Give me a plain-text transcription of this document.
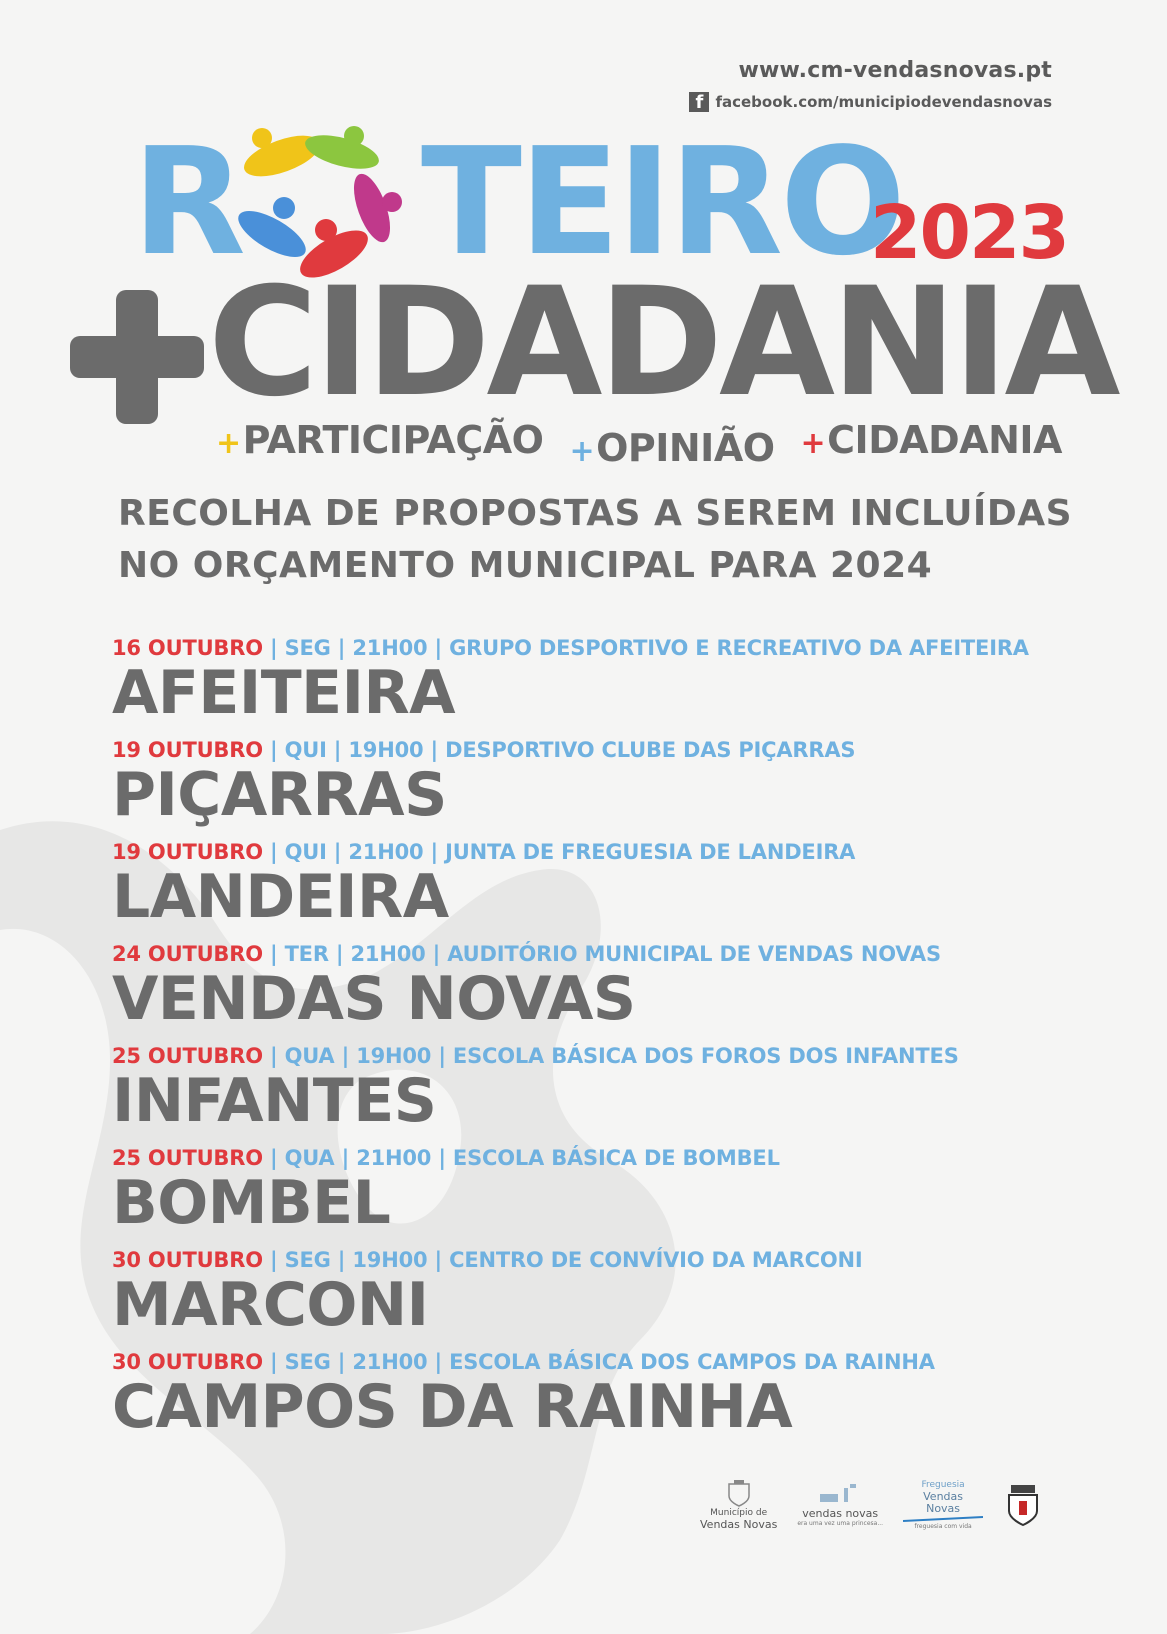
www.cm-vendasnovas.pt
f facebook.com/municipiodevendasnovas
R TEIRO
2023
CIDADANIA
+ PARTICIPAÇÃO + OPINIÃO + CIDADANIA
RECOLHA DE PROPOSTAS A SEREM INCLUÍDAS
NO ORÇAMENTO MUNICIPAL PARA 2024
16 OUTUBRO | SEG | 21H00 | GRUPO DESPORTIVO E RECREATIVO DA AFEITEIRA
AFEITEIRA
19 OUTUBRO | QUI | 19H00 | DESPORTIVO CLUBE DAS PIÇARRAS
PIÇARRAS
19 OUTUBRO | QUI | 21H00 | JUNTA DE FREGUESIA DE LANDEIRA
LANDEIRA
24 OUTUBRO | TER | 21H00 | AUDITÓRIO MUNICIPAL DE VENDAS NOVAS
VENDAS NOVAS
25 OUTUBRO | QUA | 19H00 | ESCOLA BÁSICA DOS FOROS DOS INFANTES
INFANTES
25 OUTUBRO | QUA | 21H00 | ESCOLA BÁSICA DE BOMBEL
BOMBEL
30 OUTUBRO | SEG | 19H00 | CENTRO DE CONVÍVIO DA MARCONI
MARCONI
30 OUTUBRO | SEG | 21H00 | ESCOLA BÁSICA DOS CAMPOS DA RAINHA
CAMPOS DA RAINHA
Município de
Vendas Novas
vendas novas
era uma vez uma princesa...
Freguesia
Vendas
Novas
freguesia com vida
